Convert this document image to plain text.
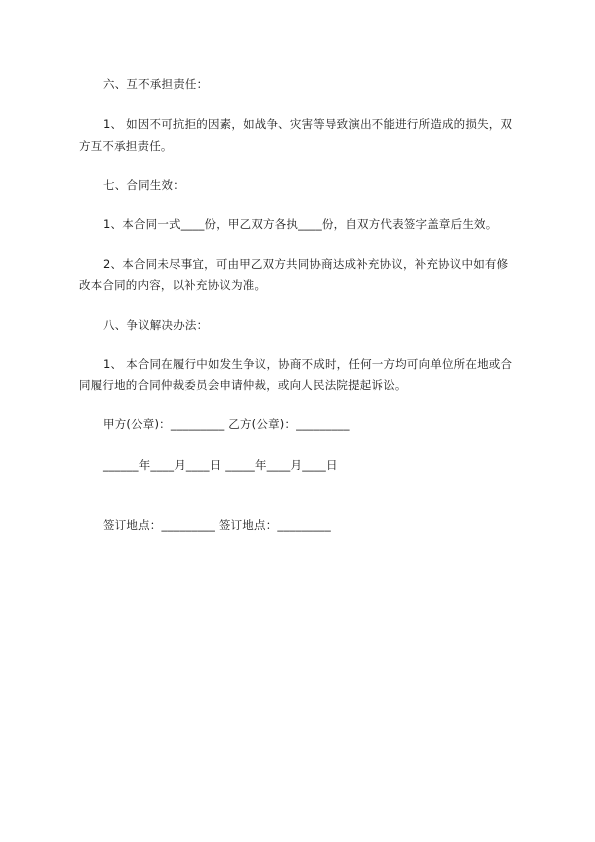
六、互不承担责任：
1、 如因不可抗拒的因素，如战争、灾害等导致演出不能进行所造成的损失，双
方互不承担责任。
七、合同生效：
1、本合同一式____份，甲乙双方各执____份，自双方代表签字盖章后生效。
2、本合同未尽事宜，可由甲乙双方共同协商达成补充协议，补充协议中如有修
改本合同的内容，以补充协议为准。
八、争议解决办法：
1、 本合同在履行中如发生争议，协商不成时，任何一方均可向单位所在地或合
同履行地的合同仲裁委员会申请仲裁，或向人民法院提起诉讼。
甲方(公章)：_________ 乙方(公章)：_________
______年____月____日 _____年____月____日
签订地点：_________ 签订地点：_________
